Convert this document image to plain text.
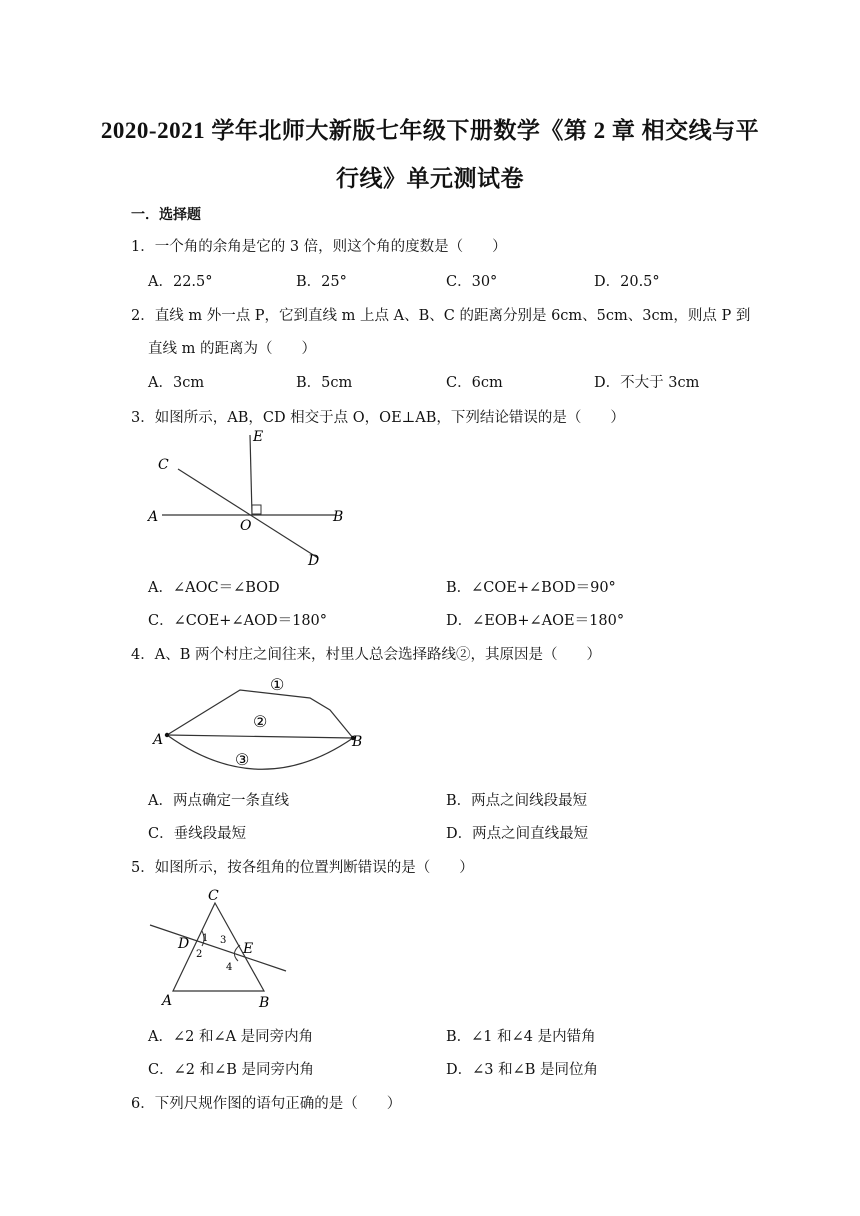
2020-2021 学年北师大新版七年级下册数学《第 2 章 相交线与平
行线》单元测试卷
一．选择题
1．一个角的余角是它的 3 倍，则这个角的度数是（　　）
A．22.5°	B．25°	C．30°	D．20.5°
2．直线 m 外一点 P，它到直线 m 上点 A、B、C 的距离分别是 6cm、5cm、3cm，则点 P 到
直线 m 的距离为（　　）
A．3cm	B．5cm	C．6cm	D．不大于 3cm
3．如图所示，AB，CD 相交于点 O，OE⊥AB，下列结论错误的是（　　）
E
C
A
O
B
D
A．∠AOC＝∠BOD	B．∠COE+∠BOD＝90°
C．∠COE+∠AOD＝180°	D．∠EOB+∠AOE＝180°
4．A、B 两个村庄之间往来，村里人总会选择路线②，其原因是（　　）
①
②
③
A	B
A．两点确定一条直线	B．两点之间线段最短
C．垂线段最短	D．两点之间直线最短
5．如图所示，按各组角的位置判断错误的是（　　）
C
D 1
2
3
E
4
A	B
A．∠2 和∠A 是同旁内角	B．∠1 和∠4 是内错角
C．∠2 和∠B 是同旁内角	D．∠3 和∠B 是同位角
6．下列尺规作图的语句正确的是（　　）
